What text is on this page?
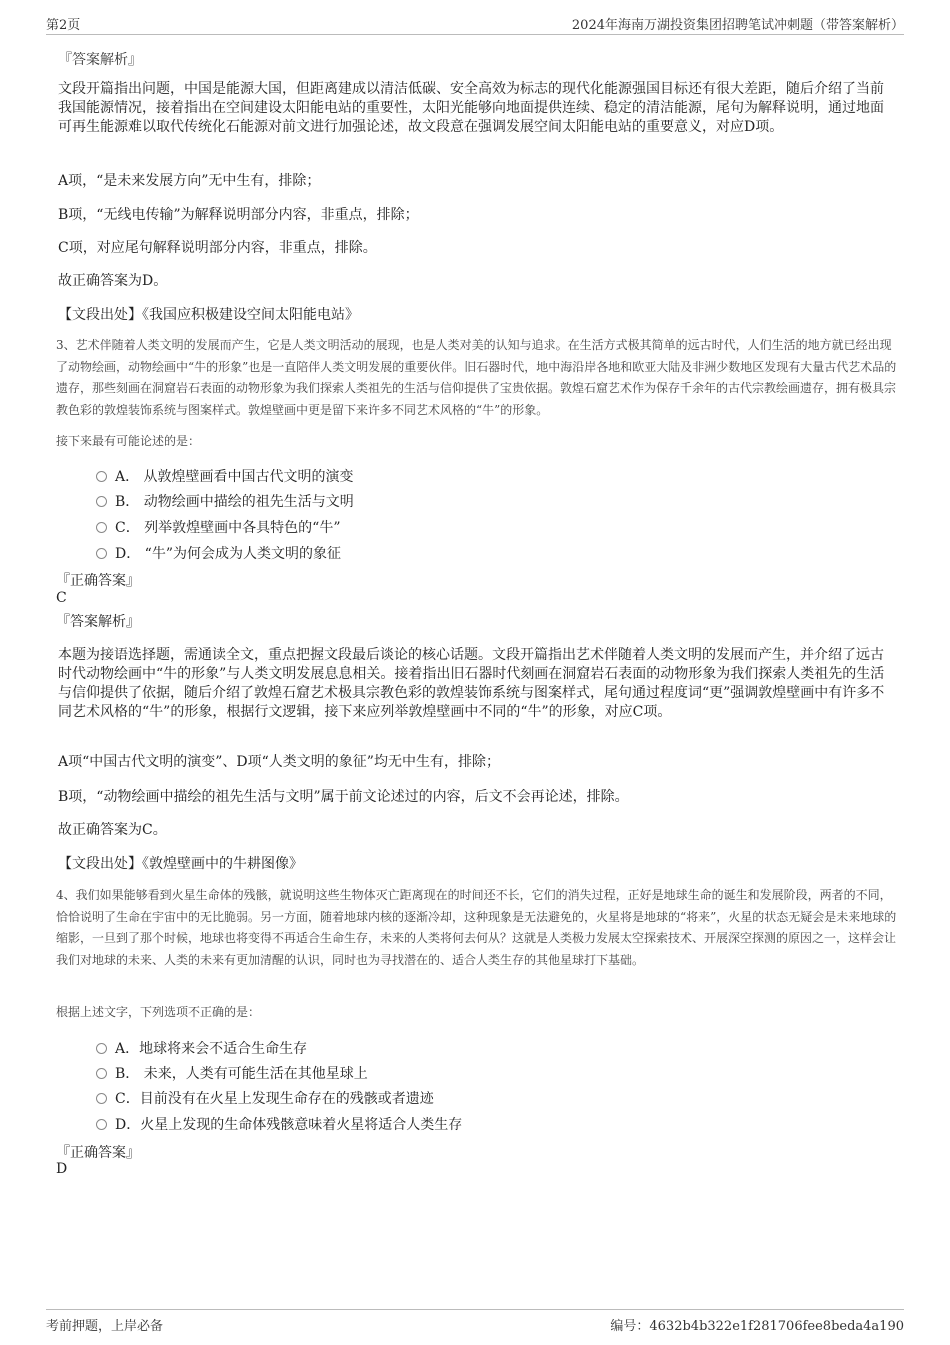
第2页	2024年海南万湖投资集团招聘笔试冲刺题（带答案解析）
『答案解析』
文段开篇指出问题，中国是能源大国，但距离建成以清洁低碳、安全高效为标志的现代化能源强国目标还有很大差距，随后介绍了当前我国能源情况，接着指出在空间建设太阳能电站的重要性，太阳光能够向地面提供连续、稳定的清洁能源，尾句为解释说明，通过地面可再生能源难以取代传统化石能源对前文进行加强论述，故文段意在强调发展空间太阳能电站的重要意义，对应D项。
A项，“是未来发展方向”无中生有，排除；
B项，“无线电传输”为解释说明部分内容，非重点，排除；
C项，对应尾句解释说明部分内容，非重点，排除。
故正确答案为D。
【文段出处】《我国应积极建设空间太阳能电站》
3、艺术伴随着人类文明的发展而产生，它是人类文明活动的展现，也是人类对美的认知与追求。在生活方式极其简单的远古时代，人们生活的地方就已经出现了动物绘画，动物绘画中“牛的形象”也是一直陪伴人类文明发展的重要伙伴。旧石器时代，地中海沿岸各地和欧亚大陆及非洲少数地区发现有大量古代艺术品的遗存，那些刻画在洞窟岩石表面的动物形象为我们探索人类祖先的生活与信仰提供了宝贵依据。敦煌石窟艺术作为保存千余年的古代宗教绘画遗存，拥有极具宗教色彩的敦煌装饰系统与图案样式。敦煌壁画中更是留下来许多不同艺术风格的“牛”的形象。
接下来最有可能论述的是：
A． 从敦煌壁画看中国古代文明的演变
B． 动物绘画中描绘的祖先生活与文明
C． 列举敦煌壁画中各具特色的“牛”
D． “牛”为何会成为人类文明的象征
『正确答案』
C
『答案解析』
本题为接语选择题，需通读全文，重点把握文段最后谈论的核心话题。文段开篇指出艺术伴随着人类文明的发展而产生，并介绍了远古时代动物绘画中“牛的形象”与人类文明发展息息相关。接着指出旧石器时代刻画在洞窟岩石表面的动物形象为我们探索人类祖先的生活与信仰提供了依据，随后介绍了敦煌石窟艺术极具宗教色彩的敦煌装饰系统与图案样式，尾句通过程度词“更”强调敦煌壁画中有许多不同艺术风格的“牛”的形象，根据行文逻辑，接下来应列举敦煌壁画中不同的“牛”的形象，对应C项。
A项“中国古代文明的演变”、D项“人类文明的象征”均无中生有，排除；
B项，“动物绘画中描绘的祖先生活与文明”属于前文论述过的内容，后文不会再论述，排除。
故正确答案为C。
【文段出处】《敦煌壁画中的牛耕图像》
4、我们如果能够看到火星生命体的残骸，就说明这些生物体灭亡距离现在的时间还不长，它们的消失过程，正好是地球生命的诞生和发展阶段，两者的不同，恰恰说明了生命在宇宙中的无比脆弱。另一方面，随着地球内核的逐渐冷却，这种现象是无法避免的，火星将是地球的“将来”，火星的状态无疑会是未来地球的缩影，一旦到了那个时候，地球也将变得不再适合生命生存，未来的人类将何去何从？这就是人类极力发展太空探索技术、开展深空探测的原因之一，这样会让我们对地球的未来、人类的未来有更加清醒的认识，同时也为寻找潜在的、适合人类生存的其他星球打下基础。
根据上述文字，下列选项不正确的是：
A．地球将来会不适合生命生存
B． 未来，人类有可能生活在其他星球上
C．目前没有在火星上发现生命存在的残骸或者遗迹
D．火星上发现的生命体残骸意味着火星将适合人类生存
『正确答案』
D
考前押题，上岸必备	编号：4632b4b322e1f281706fee8beda4a190
